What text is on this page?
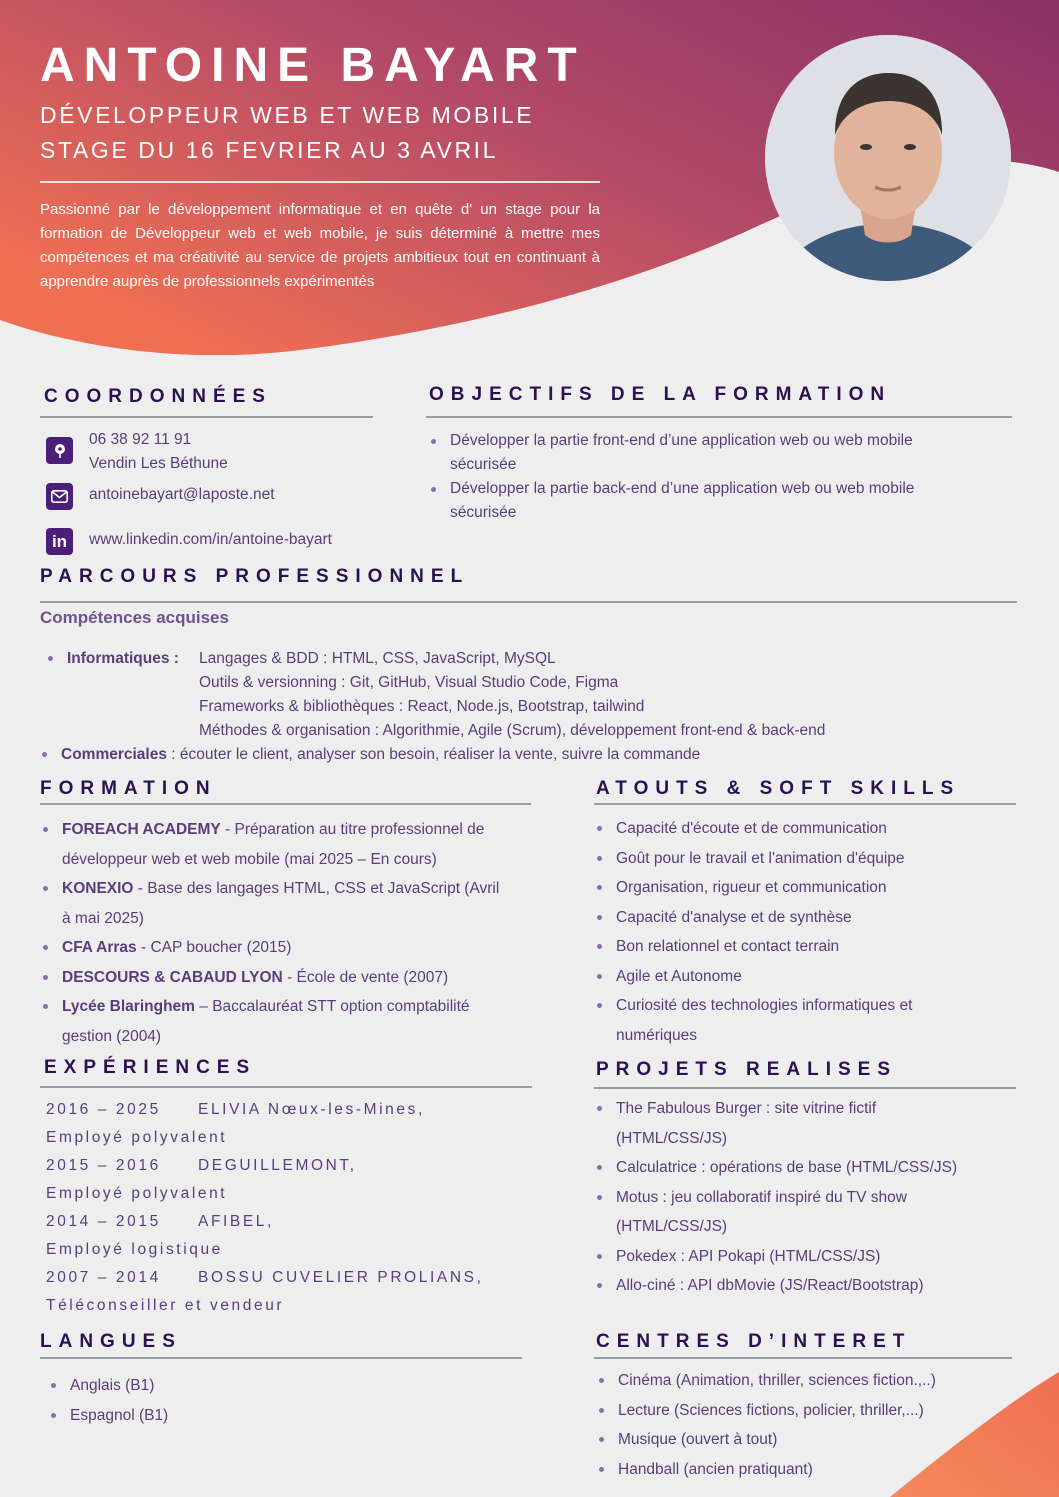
ANTOINE BAYART
DÉVELOPPEUR WEB ET WEB MOBILE
STAGE DU 16 FEVRIER AU 3 AVRIL

Passionné par le développement informatique et en quête d' un stage pour la formation de Développeur web et web mobile, je suis déterminé à mettre mes compétences et ma créativité au service de projets ambitieux tout en continuant à apprendre auprès de professionnels expérimentés

COORDONNÉES
06 38 92 11 91
Vendin Les Béthune
antoinebayart@laposte.net
in www.linkedin.com/in/antoine-bayart
OBJECTIFS DE LA FORMATION
Développer la partie front-end d’une application web ou web mobile
sécurisée
Développer la partie back-end d’une application web ou web mobile
sécurisée
PARCOURS PROFESSIONNEL
Compétences acquises
Informatiques : Langages & BDD : HTML, CSS, JavaScript, MySQL
Outils & versionning : Git, GitHub, Visual Studio Code, Figma
Frameworks & bibliothèques : React, Node.js, Bootstrap, tailwind
Méthodes & organisation : Algorithmie, Agile (Scrum), développement front-end & back-end
Commerciales : écouter le client, analyser son besoin, réaliser la vente, suivre la commande
FORMATION
FOREACH ACADEMY - Préparation au titre professionnel de
développeur web et web mobile (mai 2025 – En cours)
KONEXIO - Base des langages HTML, CSS et JavaScript (Avril
à mai 2025)
CFA Arras - CAP boucher (2015)
DESCOURS & CABAUD LYON - École de vente (2007)
Lycée Blaringhem – Baccalauréat STT option comptabilité
gestion (2004)
ATOUTS & SOFT SKILLS
Capacité d'écoute et de communication
Goût pour le travail et l'animation d'équipe
Organisation, rigueur et communication
Capacité d'analyse et de synthèse
Bon relationnel et contact terrain
Agile et Autonome
Curiosité des technologies informatiques et
numériques
EXPÉRIENCES
2016 – 2025 ELIVIA Nœux-les-Mines,
Employé polyvalent
2015 – 2016 DEGUILLEMONT,
Employé polyvalent
2014 – 2015 AFIBEL,
Employé logistique
2007 – 2014 BOSSU CUVELIER PROLIANS,
Téléconseiller et vendeur
PROJETS REALISES
The Fabulous Burger : site vitrine fictif
(HTML/CSS/JS)
Calculatrice : opérations de base (HTML/CSS/JS)
Motus : jeu collaboratif inspiré du TV show
(HTML/CSS/JS)
Pokedex : API Pokapi (HTML/CSS/JS)
Allo-ciné : API dbMovie (JS/React/Bootstrap)
LANGUES
Anglais (B1)
Espagnol (B1)
CENTRES D’INTERET
Cinéma (Animation, thriller, sciences fiction.,..)
Lecture (Sciences fictions, policier, thriller,...)
Musique (ouvert à tout)
Handball (ancien pratiquant)
